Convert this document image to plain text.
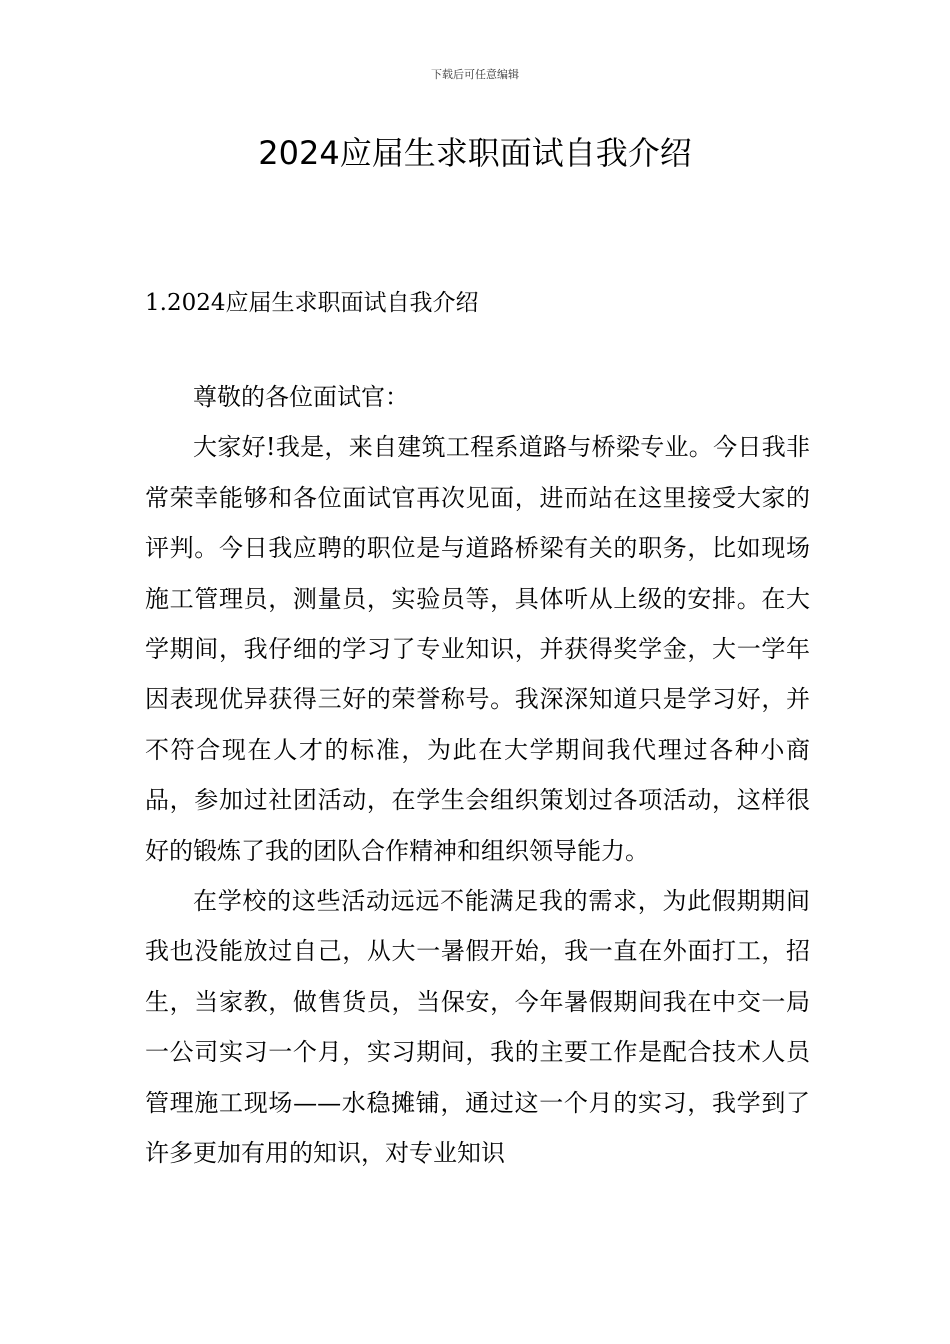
下载后可任意编辑
2024应届生求职面试自我介绍
1.2024应届生求职面试自我介绍

尊敬的各位面试官：

大家好!我是，来自建筑工程系道路与桥梁专业。今日我非常荣幸能够和各位面试官再次见面，进而站在这里接受大家的评判。今日我应聘的职位是与道路桥梁有关的职务，比如现场施工管理员，测量员，实验员等，具体听从上级的安排。在大学期间，我仔细的学习了专业知识，并获得奖学金，大一学年因表现优异获得三好的荣誉称号。我深深知道只是学习好，并不符合现在人才的标准，为此在大学期间我代理过各种小商品，参加过社团活动，在学生会组织策划过各项活动，这样很好的锻炼了我的团队合作精神和组织领导能力。

在学校的这些活动远远不能满足我的需求，为此假期期间我也没能放过自己，从大一暑假开始，我一直在外面打工，招生，当家教，做售货员，当保安，今年暑假期间我在中交一局一公司实习一个月，实习期间，我的主要工作是配合技术人员管理施工现场——水稳摊铺，通过这一个月的实习，我学到了许多更加有用的知识，对专业知识
